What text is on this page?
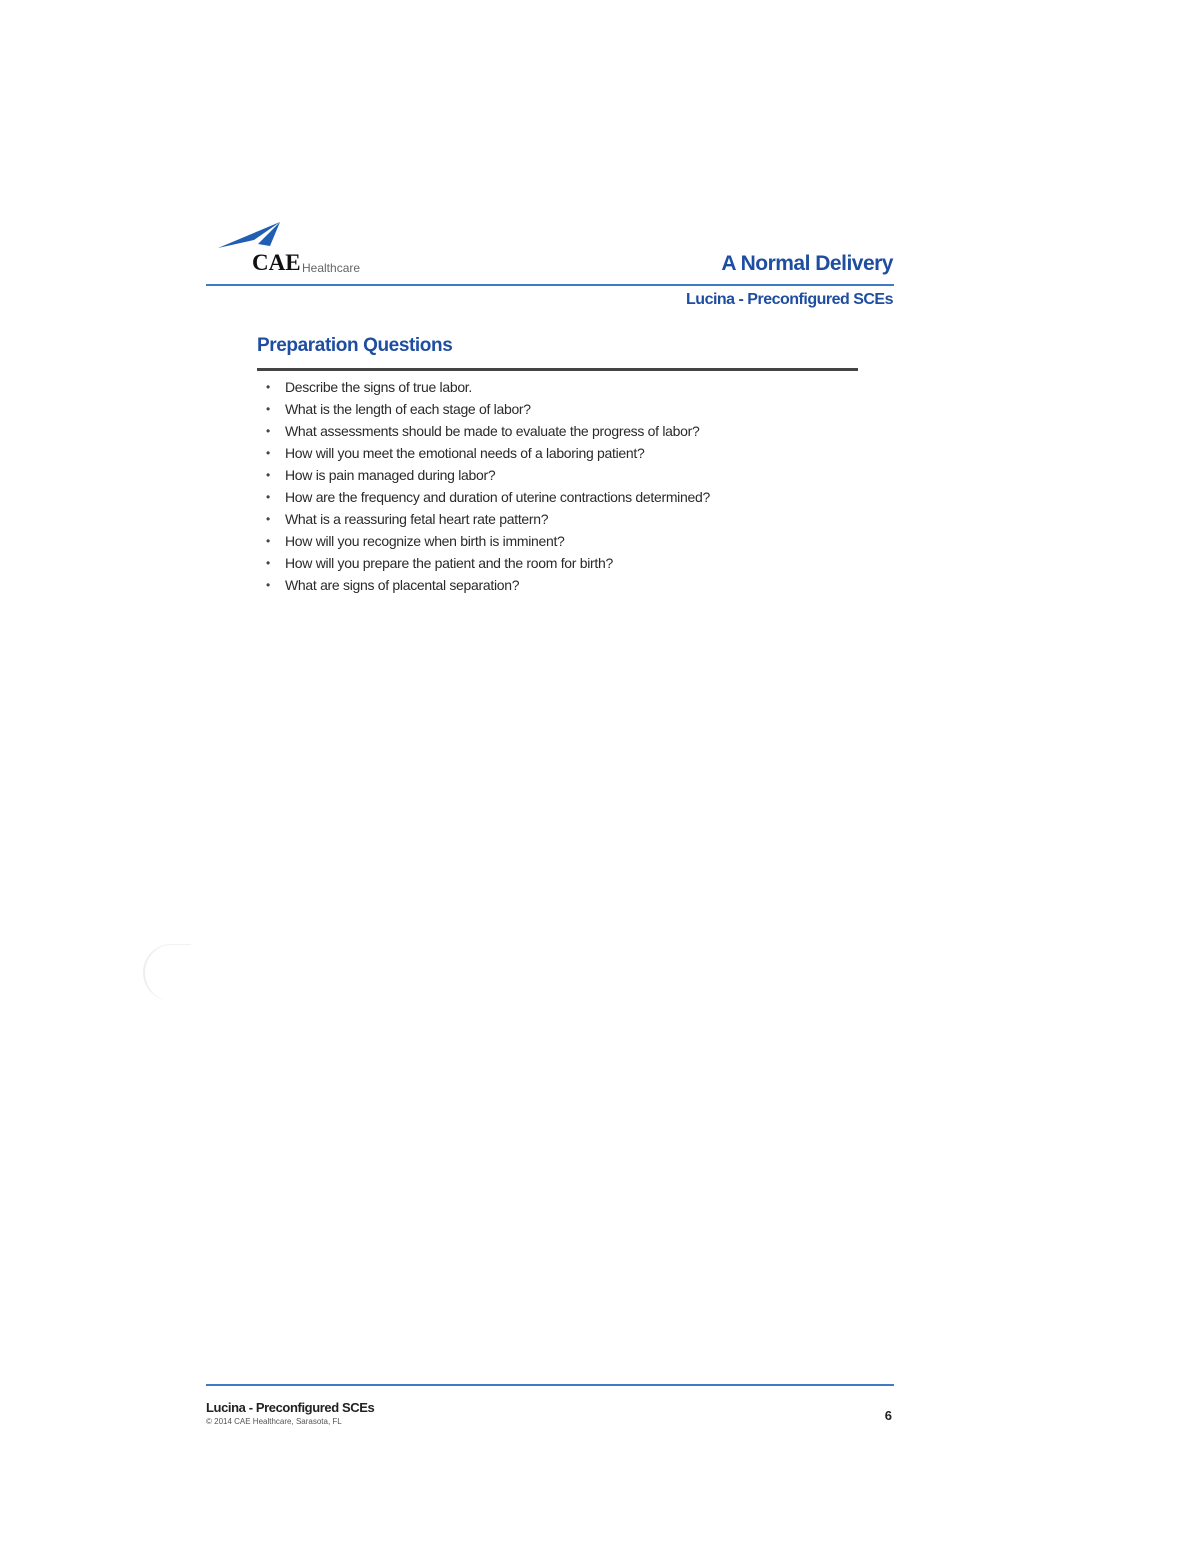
CAE Healthcare	A Normal Delivery
Lucina - Preconfigured SCEs
Preparation Questions
• Describe the signs of true labor.
• What is the length of each stage of labor?
• What assessments should be made to evaluate the progress of labor?
• How will you meet the emotional needs of a laboring patient?
• How is pain managed during labor?
• How are the frequency and duration of uterine contractions determined?
• What is a reassuring fetal heart rate pattern?
• How will you recognize when birth is imminent?
• How will you prepare the patient and the room for birth?
• What are signs of placental separation?
Lucina - Preconfigured SCEs
© 2014 CAE Healthcare, Sarasota, FL	6
